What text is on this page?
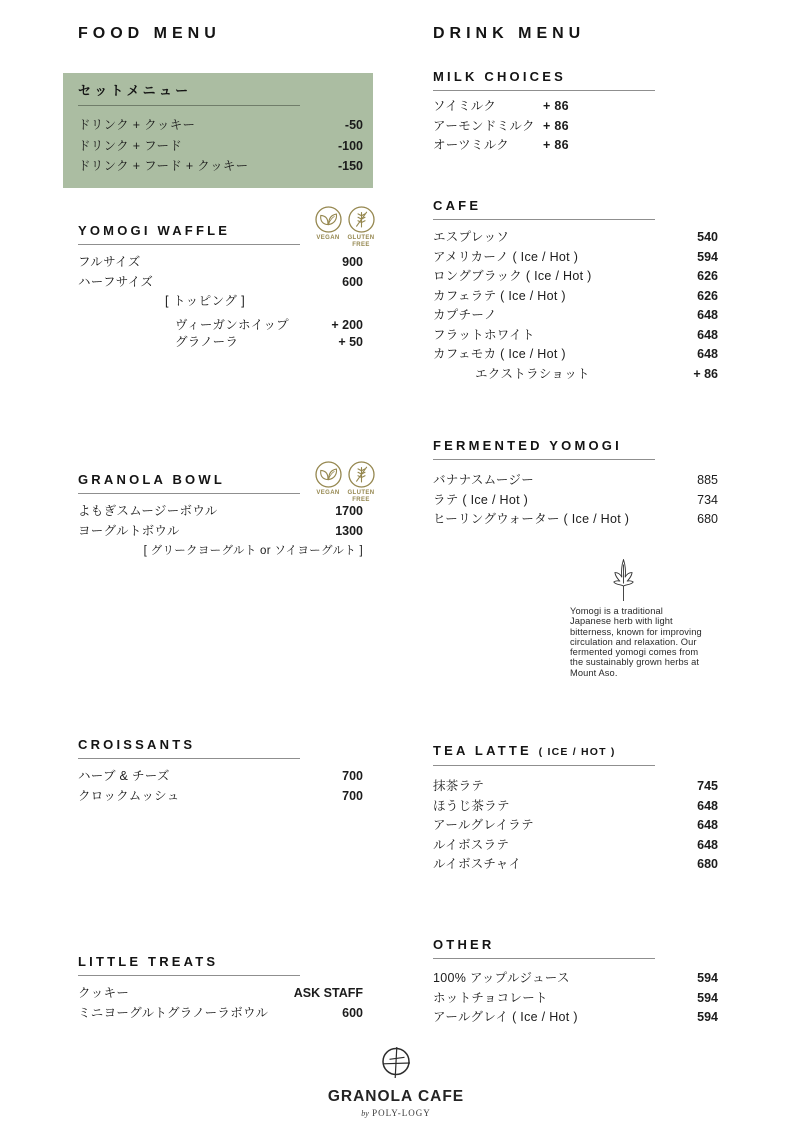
FOOD MENU
セットメニュー
ドリンク + クッキー	-50
ドリンク + フード	-100
ドリンク + フード + クッキー	-150
VEGAN	GLUTEN FREE
YOMOGI WAFFLE
フルサイズ	900
ハーフサイズ	600
[ トッピング ]
ヴィーガンホイップ	+ 200
グラノーラ	+ 50
VEGAN	GLUTEN FREE
GRANOLA BOWL
よもぎスムージーボウル	1700
ヨーグルトボウル	1300
[ グリークヨーグルト or ソイヨーグルト ]
CROISSANTS
ハーブ & チーズ	700
クロックムッシュ	700
LITTLE TREATS
クッキー	ASK STAFF
ミニヨーグルトグラノーラボウル	600
DRINK MENU
MILK CHOICES
ソイミルク	+ 86
アーモンドミルク + 86
オーツミルク	+ 86
CAFE
エスプレッソ	540
アメリカーノ ( Ice / Hot )	594
ロングブラック ( Ice / Hot )	626
カフェラテ ( Ice / Hot )	626
カプチーノ	648
フラットホワイト	648
カフェモカ ( Ice / Hot )	648
エクストラショット	+ 86
FERMENTED YOMOGI
バナナスムージー	885
ラテ ( Ice / Hot )	734
ヒーリングウォーター ( Ice / Hot )	680
Yomogi is a traditional Japanese herb with light bitterness, known for improving circulation and relaxation. Our fermented yomogi comes from the sustainably grown herbs at Mount Aso.
TEA LATTE ( ICE / HOT )
抹茶ラテ	745
ほうじ茶ラテ	648
アールグレイラテ	648
ルイボスラテ	648
ルイボスチャイ	680
OTHER
100% アップルジュース	594
ホットチョコレート	594
アールグレイ ( Ice / Hot )	594
GRANOLA CAFE
by POLY-LOGY
